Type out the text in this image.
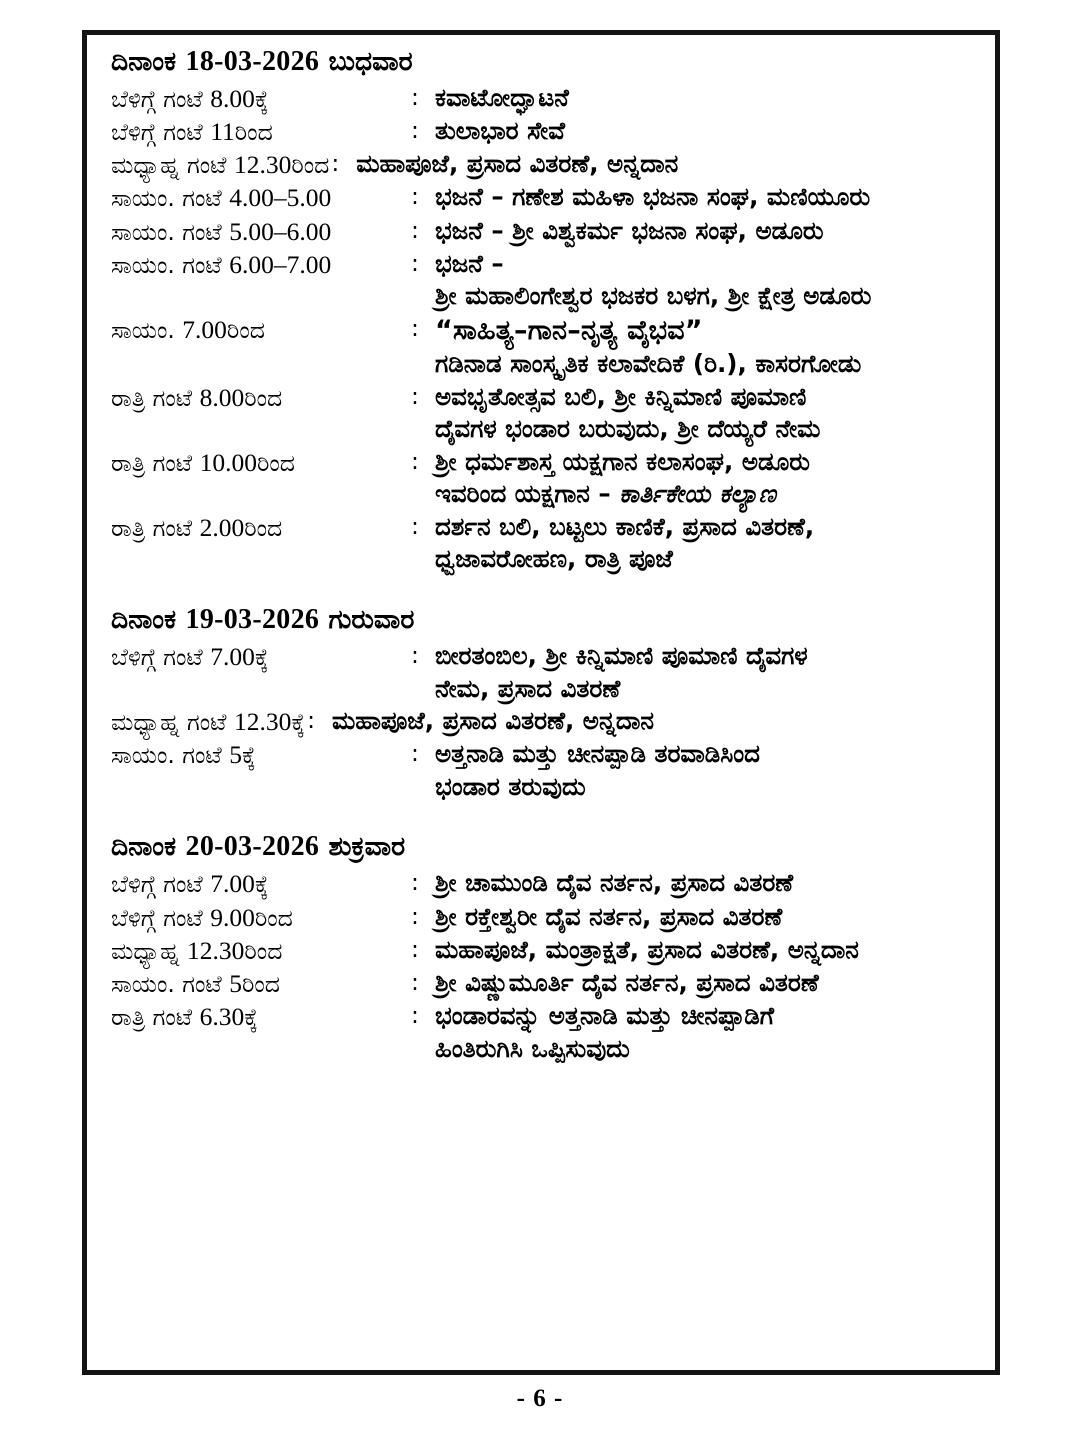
ದಿನಾಂಕ 18-03-2026 ಬುಧವಾರ
ಬೆಳಿಗ್ಗೆ ಗಂಟೆ 8.00ಕ್ಕೆ	: ಕವಾಟೋದ್ಘಾಟನೆ
ಬೆಳಿಗ್ಗೆ ಗಂಟೆ 11ರಿಂದ	: ತುಲಾಭಾರ ಸೇವೆ
ಮಧ್ಯಾಹ್ನ ಗಂಟೆ 12.30ರಿಂದ : ಮಹಾಪೂಜೆ, ಪ್ರಸಾದ ವಿತರಣೆ, ಅನ್ನದಾನ
ಸಾಯಂ. ಗಂಟೆ 4.00–5.00	: ಭಜನೆ – ಗಣೇಶ ಮಹಿಳಾ ಭಜನಾ ಸಂಘ, ಮಣಿಯೂರು
ಸಾಯಂ. ಗಂಟೆ 5.00–6.00	: ಭಜನೆ – ಶ್ರೀ ವಿಶ್ವಕರ್ಮ ಭಜನಾ ಸಂಘ, ಅಡೂರು
ಸಾಯಂ. ಗಂಟೆ 6.00–7.00	: ಭಜನೆ –
ಶ್ರೀ ಮಹಾಲಿಂಗೇಶ್ವರ ಭಜಕರ ಬಳಗ, ಶ್ರೀ ಕ್ಷೇತ್ರ ಅಡೂರು
ಸಾಯಂ. 7.00ರಿಂದ	: “ಸಾಹಿತ್ಯ–ಗಾನ–ನೃತ್ಯ ವೈಭವ”
ಗಡಿನಾಡ ಸಾಂಸ್ಕೃತಿಕ ಕಲಾವೇದಿಕೆ (ರಿ.), ಕಾಸರಗೋಡು
ರಾತ್ರಿ ಗಂಟೆ 8.00ರಿಂದ	: ಅವಭೃತೋತ್ಸವ ಬಲಿ, ಶ್ರೀ ಕಿನ್ನಿಮಾಣಿ ಪೂಮಾಣಿ
ದೈವಗಳ ಭಂಡಾರ ಬರುವುದು, ಶ್ರೀ ದೆಯ್ಯರೆ ನೇಮ
ರಾತ್ರಿ ಗಂಟೆ 10.00ರಿಂದ	: ಶ್ರೀ ಧರ್ಮಶಾಸ್ತ ಯಕ್ಷಗಾನ ಕಲಾಸಂಘ, ಅಡೂರು
ಇವರಿಂದ ಯಕ್ಷಗಾನ – ಕಾರ್ತಿಕೇಯ ಕಲ್ಯಾಣ
ರಾತ್ರಿ ಗಂಟೆ 2.00ರಿಂದ	: ದರ್ಶನ ಬಲಿ, ಬಟ್ಟಲು ಕಾಣಿಕೆ, ಪ್ರಸಾದ ವಿತರಣೆ,
ಧ್ವಜಾವರೋಹಣ, ರಾತ್ರಿ ಪೂಜೆ
ದಿನಾಂಕ 19-03-2026 ಗುರುವಾರ
ಬೆಳಿಗ್ಗೆ ಗಂಟೆ 7.00ಕ್ಕೆ	: ಬೀರತಂಬಿಲ, ಶ್ರೀ ಕಿನ್ನಿಮಾಣಿ ಪೂಮಾಣಿ ದೈವಗಳ
ನೇಮ, ಪ್ರಸಾದ ವಿತರಣೆ
ಮಧ್ಯಾಹ್ನ ಗಂಟೆ 12.30ಕ್ಕೆ : ಮಹಾಪೂಜೆ, ಪ್ರಸಾದ ವಿತರಣೆ, ಅನ್ನದಾನ
ಸಾಯಂ. ಗಂಟೆ 5ಕ್ಕೆ	: ಅತ್ತನಾಡಿ ಮತ್ತು ಚೀನಪ್ಪಾಡಿ ತರವಾಡಿಸಿಂದ
ಭಂಡಾರ ತರುವುದು
ದಿನಾಂಕ 20-03-2026 ಶುಕ್ರವಾರ
ಬೆಳಿಗ್ಗೆ ಗಂಟೆ 7.00ಕ್ಕೆ	: ಶ್ರೀ ಚಾಮುಂಡಿ ದೈವ ನರ್ತನ, ಪ್ರಸಾದ ವಿತರಣೆ
ಬೆಳಿಗ್ಗೆ ಗಂಟೆ 9.00ರಿಂದ	: ಶ್ರೀ ರಕ್ತೇಶ್ವರೀ ದೈವ ನರ್ತನ, ಪ್ರಸಾದ ವಿತರಣೆ
ಮಧ್ಯಾಹ್ನ 12.30ರಿಂದ	: ಮಹಾಪೂಜೆ, ಮಂತ್ರಾಕ್ಷತೆ, ಪ್ರಸಾದ ವಿತರಣೆ, ಅನ್ನದಾನ
ಸಾಯಂ. ಗಂಟೆ 5ರಿಂದ	: ಶ್ರೀ ವಿಷ್ಣುಮೂರ್ತಿ ದೈವ ನರ್ತನ, ಪ್ರಸಾದ ವಿತರಣೆ
ರಾತ್ರಿ ಗಂಟೆ 6.30ಕ್ಕೆ	: ಭಂಡಾರವನ್ನು ಅತ್ತನಾಡಿ ಮತ್ತು ಚೀನಪ್ಪಾಡಿಗೆ
ಹಿಂತಿರುಗಿಸಿ ಒಪ್ಪಿಸುವುದು
- 6 -
